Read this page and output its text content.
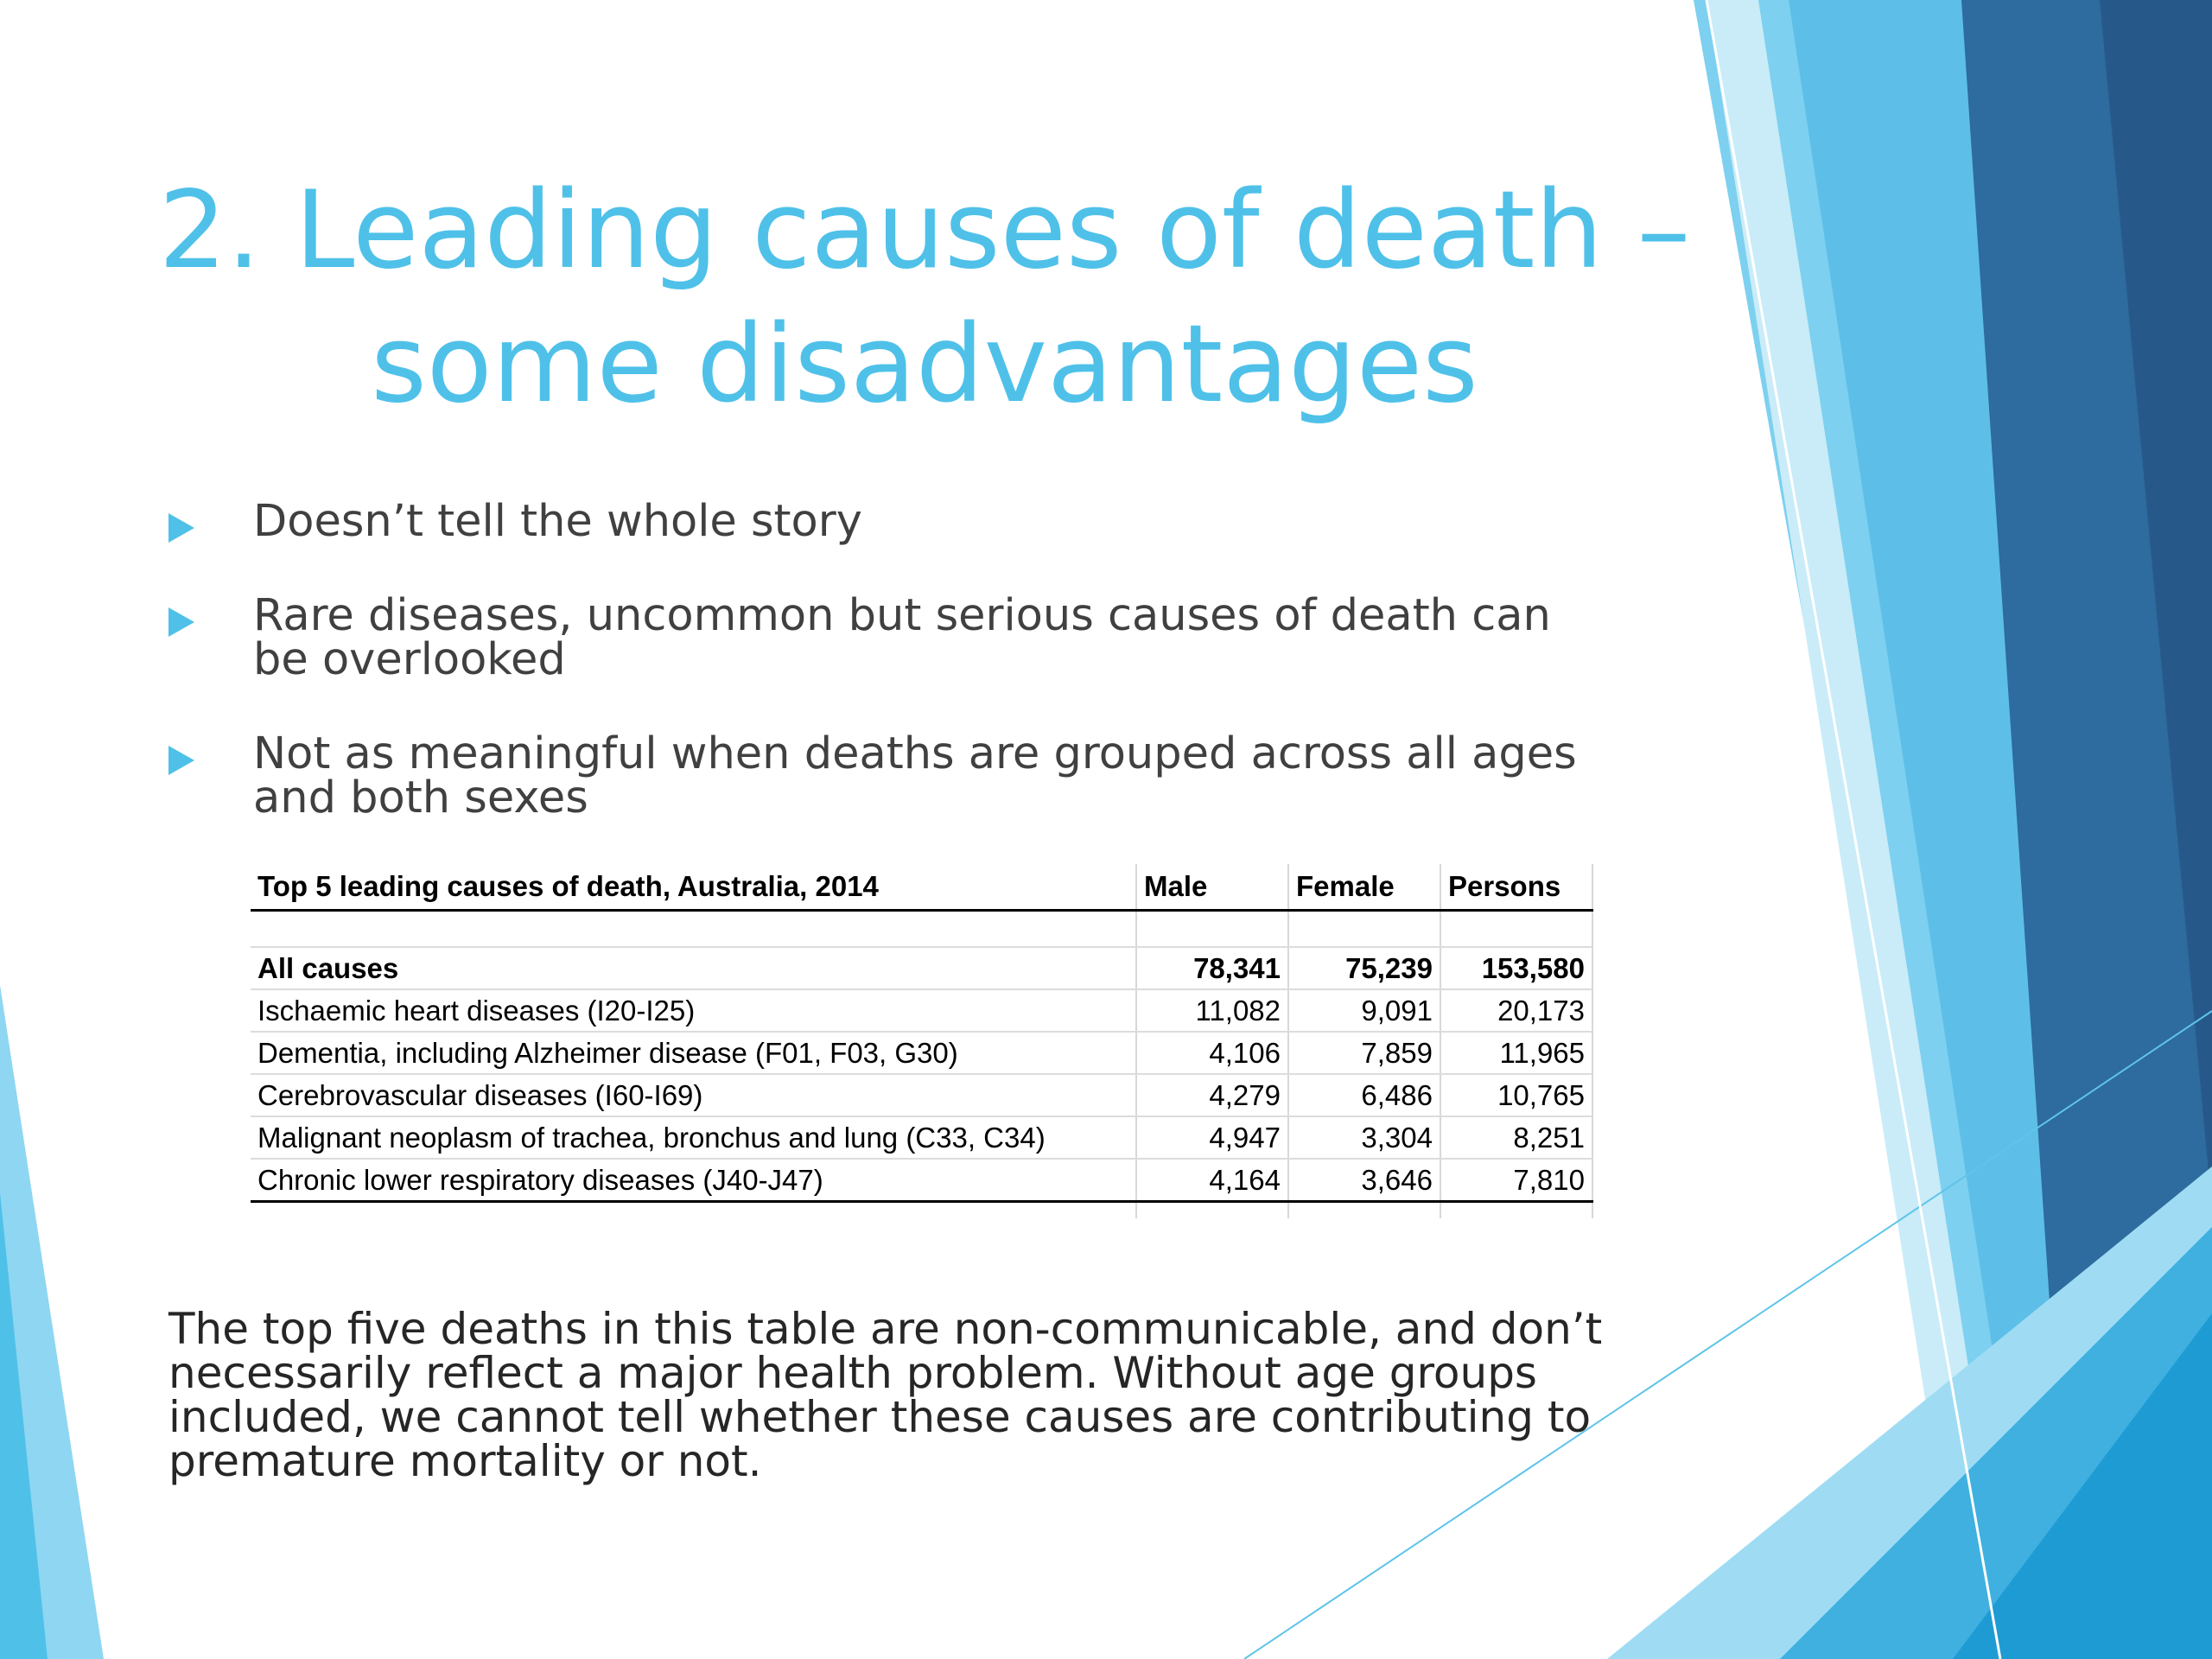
2. Leading causes of death –
some disadvantages
Doesn’t tell the whole story
Rare diseases, uncommon but serious causes of death can be overlooked
Not as meaningful when deaths are grouped across all ages and both sexes
Top 5 leading causes of death, Australia, 2014	Male	Female	Persons

All causes	78,341	75,239	153,580
Ischaemic heart diseases (I20-I25)	11,082	9,091	20,173
Dementia, including Alzheimer disease (F01, F03, G30)	4,106	7,859	11,965
Cerebrovascular diseases (I60-I69)	4,279	6,486	10,765
Malignant neoplasm of trachea, bronchus and lung (C33, C34)	4,947	3,304	8,251
Chronic lower respiratory diseases (J40-J47)	4,164	3,646	7,810

The top five deaths in this table are non-communicable, and don’t necessarily reflect a major health problem. Without age groups included, we cannot tell whether these causes are contributing to premature mortality or not.
